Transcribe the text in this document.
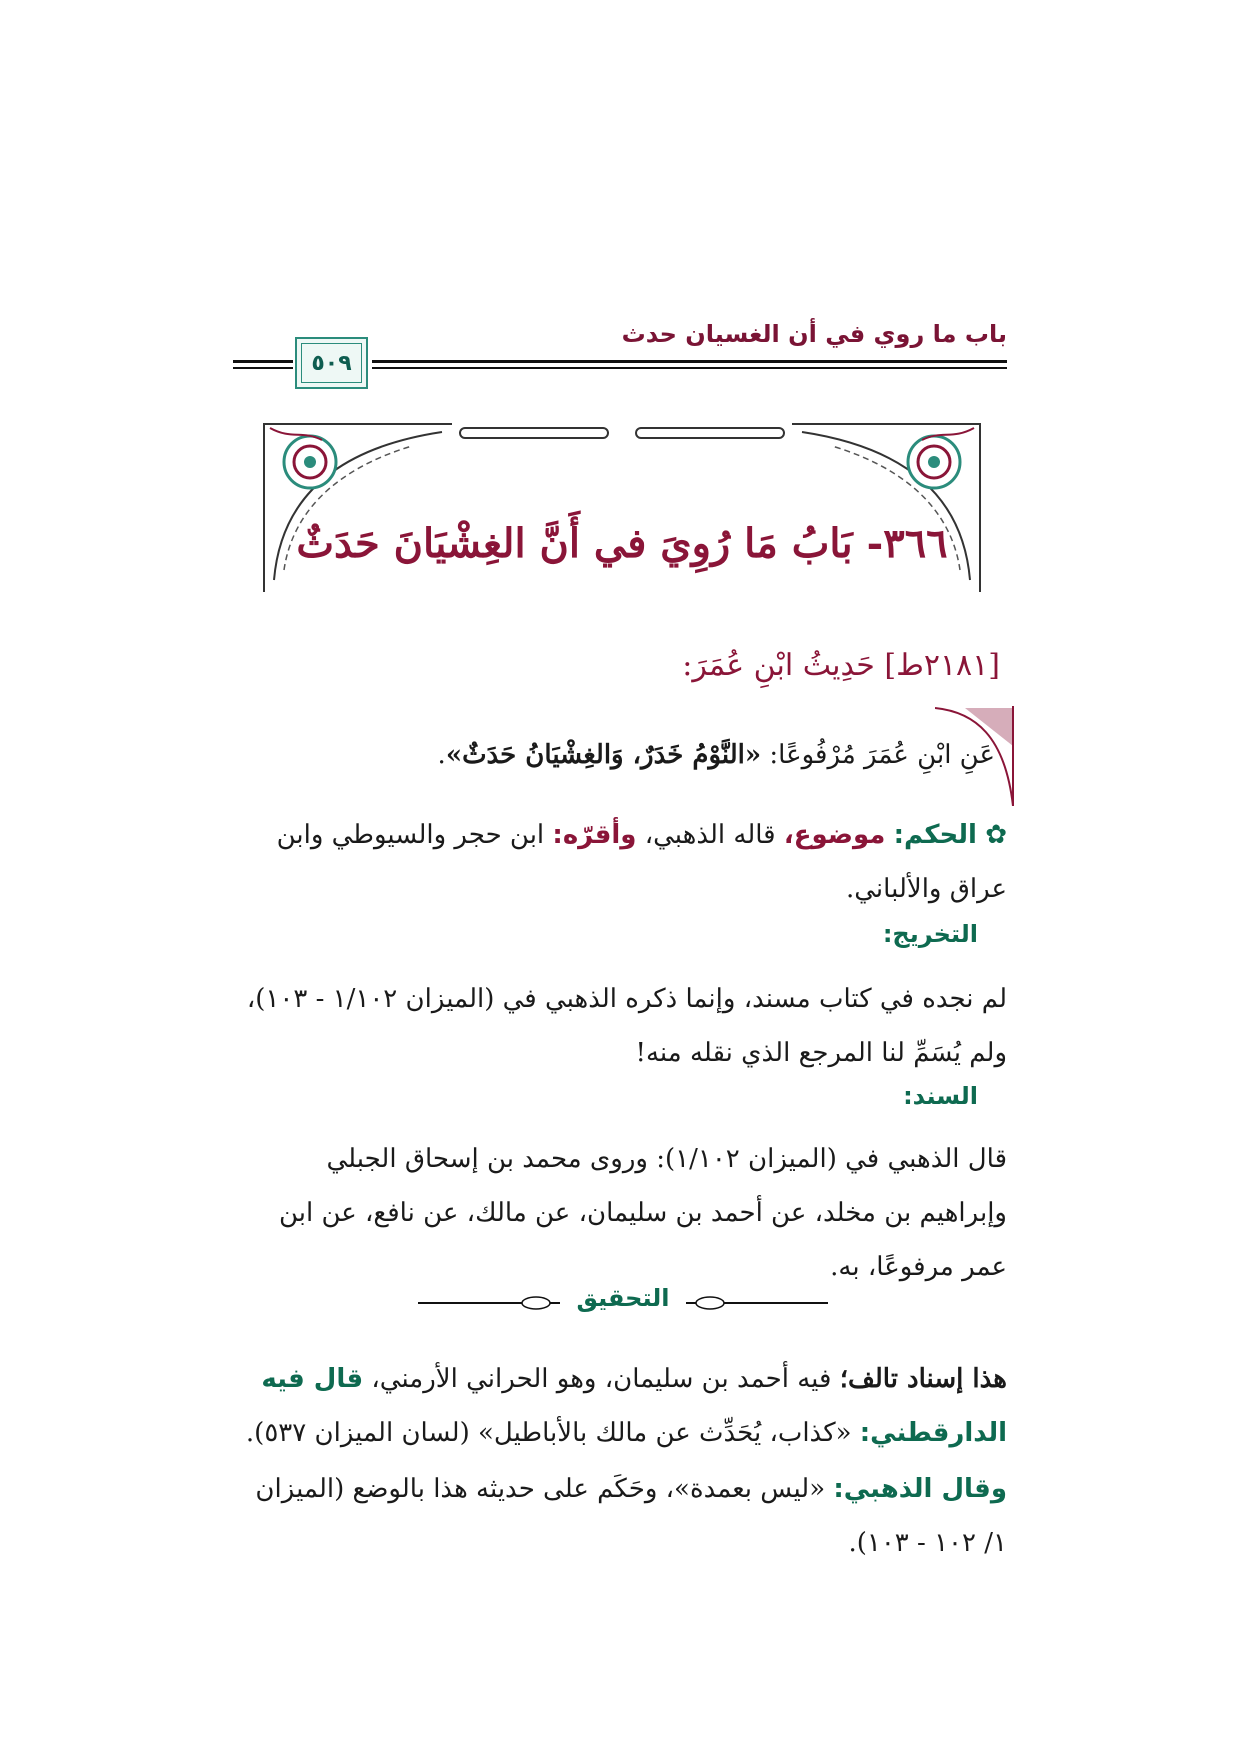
باب ما روي في أن الغسيان حدث
٥٠٩
٣٦٦- بَابُ مَا رُوِيَ في أَنَّ الغِشْيَانَ حَدَثٌ
[٢١٨١ط] حَدِيثُ ابْنِ عُمَرَ:
عَنِ ابْنِ عُمَرَ مُرْفُوعًا: «النَّوْمُ خَدَرٌ، وَالغِشْيَانُ حَدَثٌ».
✿ الحكم: موضوع، قاله الذهبي، وأقرّه: ابن حجر والسيوطي وابن عراق والألباني.
التخريج:
لم نجده في كتاب مسند، وإنما ذكره الذهبي في (الميزان ١/١٠٢ - ١٠٣)، ولم يُسَمِّ لنا المرجع الذي نقله منه!
السند:
قال الذهبي في (الميزان ١/١٠٢): وروى محمد بن إسحاق الجبلي وإبراهيم بن مخلد، عن أحمد بن سليمان، عن مالك، عن نافع، عن ابن عمر مرفوعًا، به.
التحقيق
هذا إسناد تالف؛ فيه أحمد بن سليمان، وهو الحراني الأرمني، قال فيه الدارقطني: «كذاب، يُحَدِّث عن مالك بالأباطيل» (لسان الميزان ٥٣٧).
وقال الذهبي: «ليس بعمدة»، وحَكَم على حديثه هذا بالوضع (الميزان ١/ ١٠٢ - ١٠٣).
